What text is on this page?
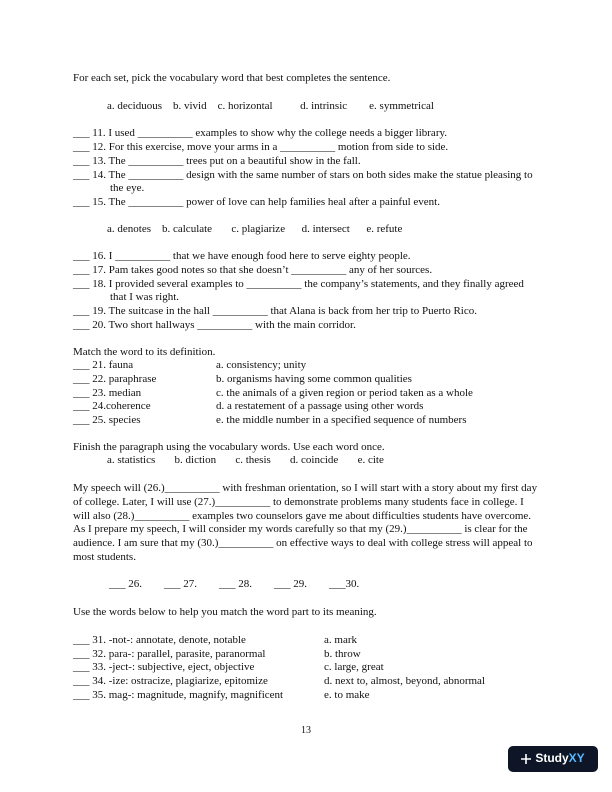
For each set, pick the vocabulary word that best completes the sentence.

a. deciduous b. vivid c. horizontal	d. intrinsic e. symmetrical

___ 11. I used __________ examples to show why the college needs a bigger library.

___ 12. For this exercise, move your arms in a __________ motion from side to side.

___ 13. The __________ trees put on a beautiful show in the fall.

___ 14. The __________ design with the same number of stars on both sides make the statue pleasing to the eye.

___ 15. The __________ power of love can help families heal after a painful event.

a. denotes b. calculate c. plagiarize d. intersect e. refute

___ 16. I __________ that we have enough food here to serve eighty people.

___ 17. Pam takes good notes so that she doesn’t __________ any of her sources.

___ 18. I provided several examples to __________ the company’s statements, and they finally agreed that I was right.

___ 19. The suitcase in the hall __________ that Alana is back from her trip to Puerto Rico.

___ 20. Two short hallways __________ with the main corridor.

Match the word to its definition.

___ 21. fauna	a. consistency; unity
___ 22. paraphrase	b. organisms having some common qualities
___ 23. median	c. the animals of a given region or period taken as a whole
___ 24.coherence	d. a restatement of a passage using other words
___ 25. species	e. the middle number in a specified sequence of numbers

Finish the paragraph using the vocabulary words. Use each word once.

a. statistics b. diction c. thesis d. coincide e. cite

My speech will (26.)__________ with freshman orientation, so I will start with a story about my first day of college. Later, I will use (27.)__________ to demonstrate problems many students face in college. I will also (28.)__________ examples two counselors gave me about difficulties students have overcome. As I prepare my speech, I will consider my words carefully so that my (29.)__________ is clear for the audience. I am sure that my (30.)__________ on effective ways to deal with college stress will appeal to most students.

___ 26. ___ 27. ___ 28. ___ 29. ___30.

Use the words below to help you match the word part to its meaning.

___ 31. -not-: annotate, denote, notable	a. mark
___ 32. para-: parallel, parasite, paranormal	b. throw
___ 33. -ject-: subjective, eject, objective	c. large, great
___ 34. -ize: ostracize, plagiarize, epitomize	d. next to, almost, beyond, abnormal
___ 35. mag-: magnitude, magnify, magnificent	e. to make
13
StudyXY
